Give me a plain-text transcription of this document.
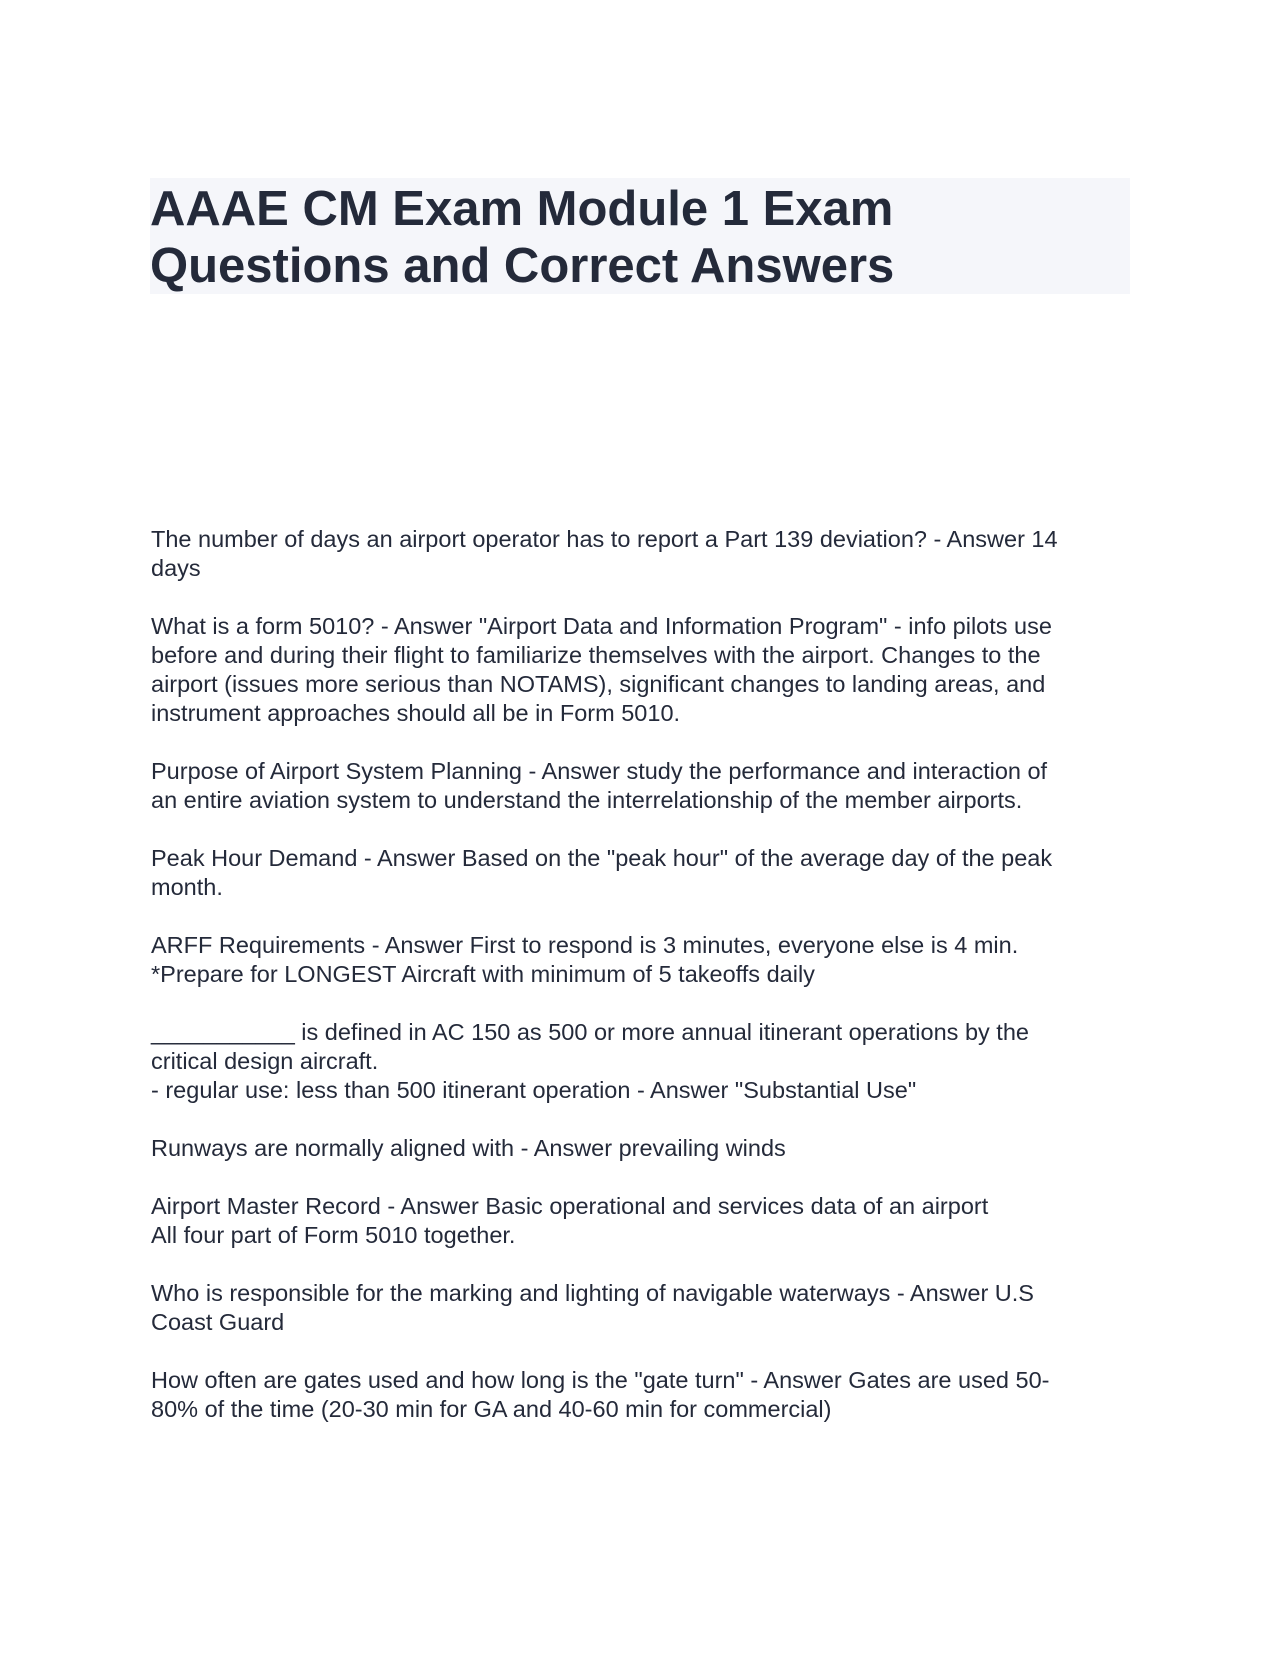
AAAE CM Exam Module 1 Exam
Questions and Correct Answers
The number of days an airport operator has to report a Part 139 deviation? - Answer 14
days
What is a form 5010? - Answer "Airport Data and Information Program" - info pilots use
before and during their flight to familiarize themselves with the airport. Changes to the
airport (issues more serious than NOTAMS), significant changes to landing areas, and
instrument approaches should all be in Form 5010.
Purpose of Airport System Planning - Answer study the performance and interaction of
an entire aviation system to understand the interrelationship of the member airports.
Peak Hour Demand - Answer Based on the "peak hour" of the average day of the peak
month.
ARFF Requirements - Answer First to respond is 3 minutes, everyone else is 4 min.
*Prepare for LONGEST Aircraft with minimum of 5 takeoffs daily
___________ is defined in AC 150 as 500 or more annual itinerant operations by the
critical design aircraft.
- regular use: less than 500 itinerant operation - Answer "Substantial Use"
Runways are normally aligned with - Answer prevailing winds
Airport Master Record - Answer Basic operational and services data of an airport
All four part of Form 5010 together.
Who is responsible for the marking and lighting of navigable waterways - Answer U.S
Coast Guard
How often are gates used and how long is the "gate turn" - Answer Gates are used 50-
80% of the time (20-30 min for GA and 40-60 min for commercial)
